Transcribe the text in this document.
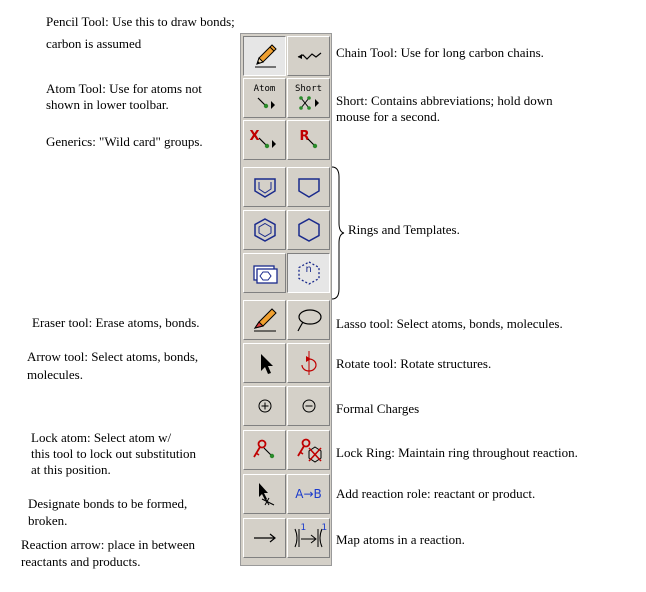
Pencil Tool: Use this to draw bonds;
carbon is assumed
Chain Tool: Use for long carbon chains.
Atom Tool: Use for atoms not
shown in lower toolbar.	Short: Contains abbreviations; hold down
mouse for a second.
Generics: "Wild card" groups.
Rings and Templates.
Eraser tool: Erase atoms, bonds.	Lasso tool: Select atoms, bonds, molecules.
Arrow tool: Select atoms, bonds,
molecules.
Rotate tool: Rotate structures.
Formal Charges
Lock atom: Select atom w/
this tool to lock out substitution
at this position.
Lock Ring: Maintain ring throughout reaction.
Designate bonds to be formed,
broken.
Add reaction role: reactant or product.
Reaction arrow: place in between
reactants and products.
Map atoms in a reaction.
Atom Short
X	R
n
A→B
1 1
